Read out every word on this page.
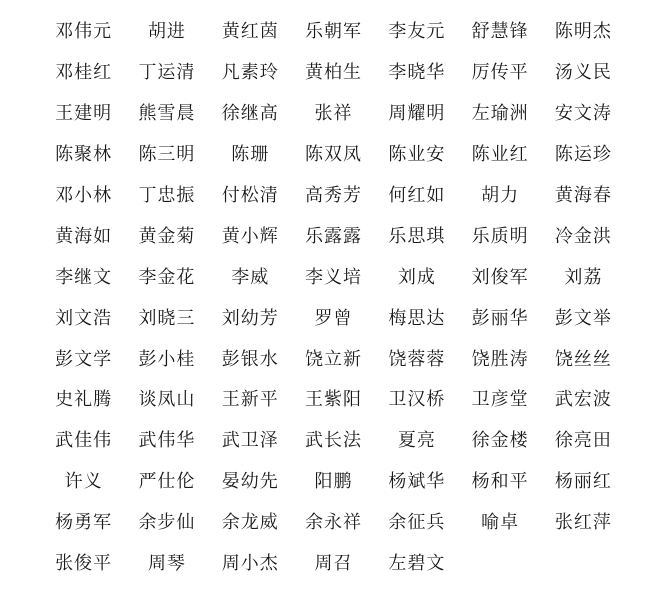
邓伟元	胡进	黄红茵	乐朝军	李友元	舒慧锋	陈明杰
邓桂红	丁运清	凡素玲	黄柏生	李晓华	厉传平	汤义民
王建明	熊雪晨	徐继高	张祥	周耀明	左瑜洲	安文涛
陈聚林	陈三明	陈珊	陈双凤	陈业安	陈业红	陈运珍
邓小林	丁忠振	付松清	高秀芳	何红如	胡力	黄海春
黄海如	黄金菊	黄小辉	乐露露	乐思琪	乐质明	冷金洪
李继文	李金花	李威	李义培	刘成	刘俊军	刘荔
刘文浩	刘晓三	刘幼芳	罗曾	梅思达	彭丽华	彭文举
彭文学	彭小桂	彭银水	饶立新	饶蓉蓉	饶胜涛	饶丝丝
史礼腾	谈凤山	王新平	王紫阳	卫汉桥	卫彦堂	武宏波
武佳伟	武伟华	武卫泽	武长法	夏亮	徐金楼	徐亮田
许义	严仕伦	晏幼先	阳鹏	杨斌华	杨和平	杨丽红
杨勇军	余步仙	余龙威	余永祥	余征兵	喻卓	张红萍
张俊平	周琴	周小杰	周召	左碧文
